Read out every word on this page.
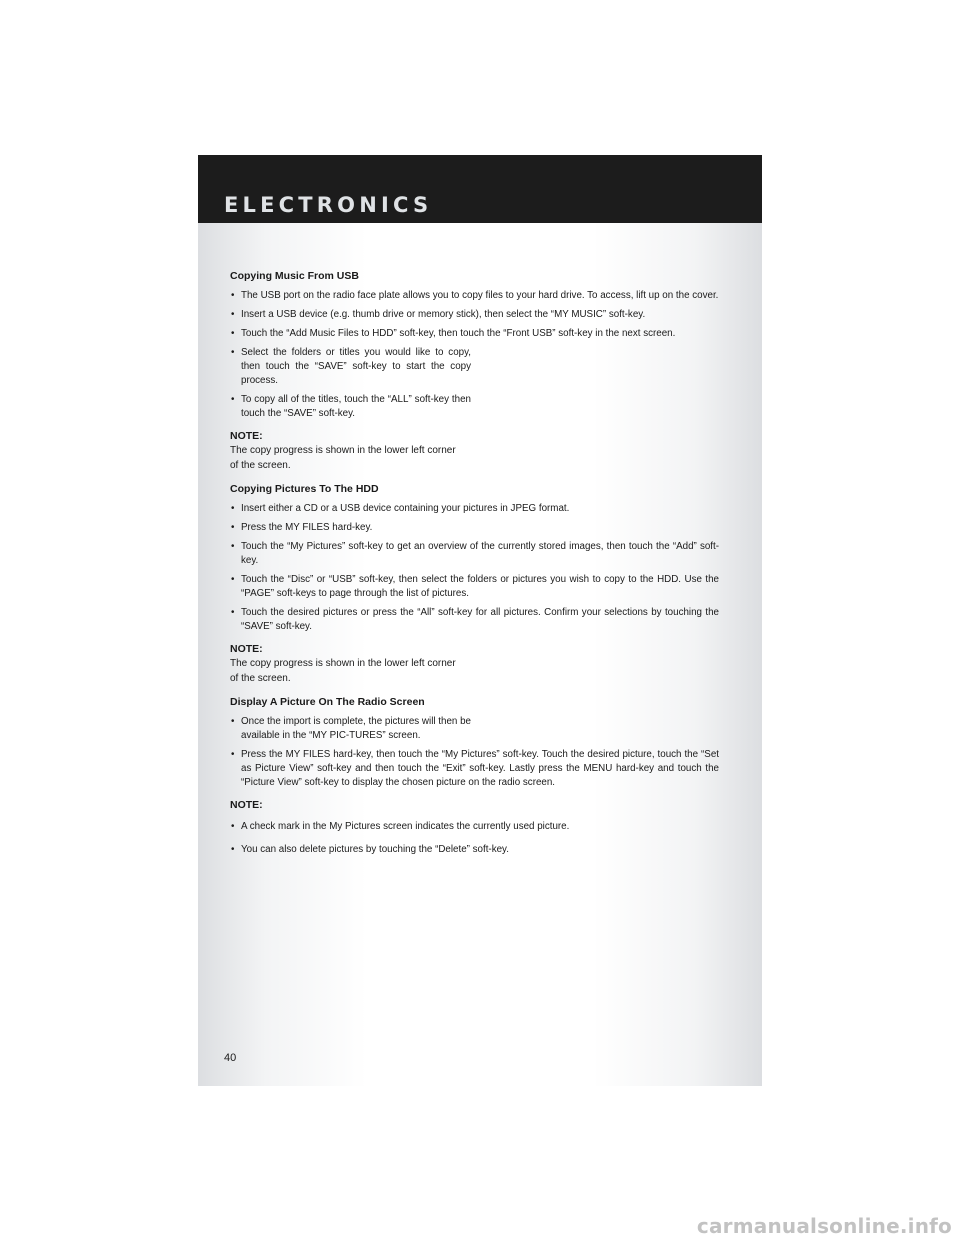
ELECTRONICS
Copying Music From USB
• The USB port on the radio face plate allows you to copy files to your hard drive. To access, lift up on the cover.
• Insert a USB device (e.g. thumb drive or memory stick), then select the “MY MUSIC” soft-key.
• Touch the “Add Music Files to HDD” soft-key, then touch the “Front USB” soft-key in the next screen.
• Select the folders or titles you would like to copy, then touch the “SAVE” soft-key to start the copy process.
• To copy all of the titles, touch the “ALL” soft-key then touch the “SAVE” soft-key.

NOTE:

The copy progress is shown in the lower left corner of the screen.

Copying Pictures To The HDD
• Insert either a CD or a USB device containing your pictures in JPEG format.
• Press the MY FILES hard-key.
• Touch the “My Pictures” soft-key to get an overview of the currently stored images, then touch the “Add” soft-key.
• Touch the “Disc” or “USB” soft-key, then select the folders or pictures you wish to copy to the HDD. Use the “PAGE” soft-keys to page through the list of pictures.
• Touch the desired pictures or press the “All” soft-key for all pictures. Confirm your selections by touching the “SAVE” soft-key.

NOTE:

The copy progress is shown in the lower left corner of the screen.

Display A Picture On The Radio Screen
• Once the import is complete, the pictures will then be available in the “MY PIC-TURES” screen.
• Press the MY FILES hard-key, then touch the “My Pictures” soft-key. Touch the desired picture, touch the “Set as Picture View” soft-key and then touch the “Exit” soft-key. Lastly press the MENU hard-key and touch the “Picture View” soft-key to display the chosen picture on the radio screen.

NOTE:

• A check mark in the My Pictures screen indicates the currently used picture.
• You can also delete pictures by touching the “Delete” soft-key.
40
carmanualsonline.info
